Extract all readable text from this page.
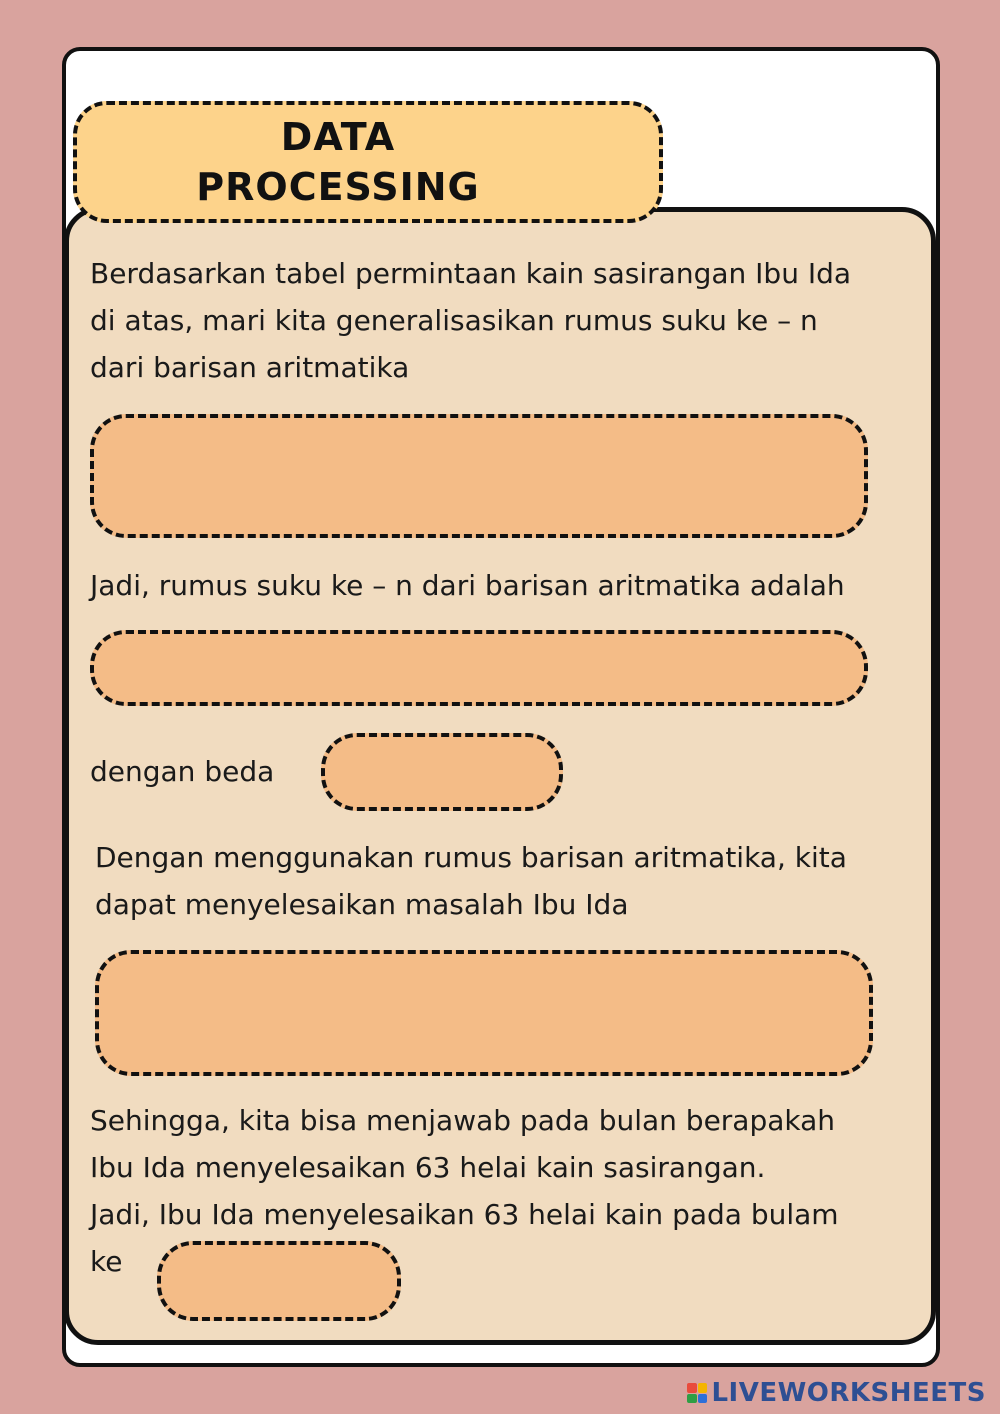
DATA
PROCESSING

Berdasarkan tabel permintaan kain sasirangan Ibu Ida
di atas, mari kita generalisasikan rumus suku ke – n
dari barisan aritmatika

Jadi, rumus suku ke – n dari barisan aritmatika adalah

dengan beda

Dengan menggunakan rumus barisan aritmatika, kita
dapat menyelesaikan masalah Ibu Ida

Sehingga, kita bisa menjawab pada bulan berapakah
Ibu Ida menyelesaikan 63 helai kain sasirangan.
Jadi, Ibu Ida menyelesaikan 63 helai kain pada bulam
ke

LIVEWORKSHEETS
